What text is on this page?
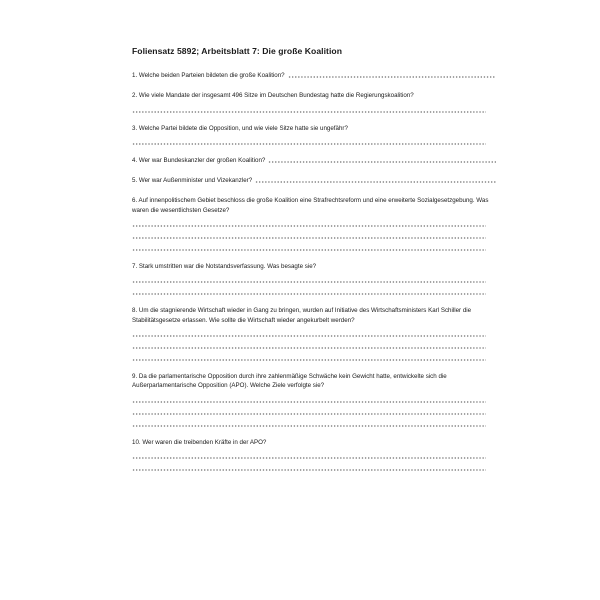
Foliensatz 5892; Arbeitsblatt 7: Die große Koalition

1. Welche beiden Parteien bildeten die große Koalition?

2. Wie viele Mandate der insgesamt 496 Sitze im Deutschen Bundestag hatte die Regierungskoalition?

3. Welche Partei bildete die Opposition, und wie viele Sitze hatte sie ungefähr?

4. Wer war Bundeskanzler der großen Koalition?

5. Wer war Außenminister und Vizekanzler?

6. Auf innenpolitischem Gebiet beschloss die große Koalition eine Strafrechtsreform und eine erweiterte Sozialgesetzgebung. Was waren die wesentlichsten Gesetze?

7. Stark umstritten war die Notstandsverfassung. Was besagte sie?

8. Um die stagnierende Wirtschaft wieder in Gang zu bringen, wurden auf Initiative des Wirtschaftsministers Karl Schiller die Stabilitätsgesetze erlassen. Wie sollte die Wirtschaft wieder angekurbelt werden?

9. Da die parlamentarische Opposition durch ihre zahlenmäßige Schwäche kein Gewicht hatte, entwickelte sich die Außerparlamentarische Opposition (APO). Welche Ziele verfolgte sie?

10. Wer waren die treibenden Kräfte in der APO?
